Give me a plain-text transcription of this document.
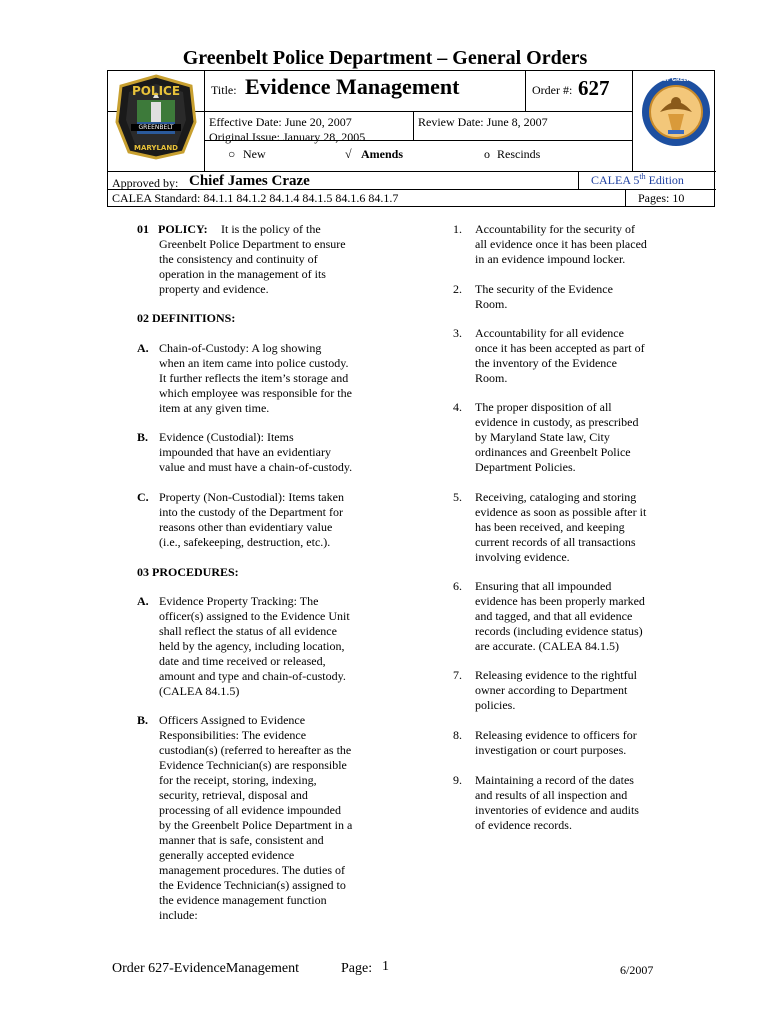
Greenbelt Police Department – General Orders
POLICE
GREENBELT
MARYLAND
CITY OF GREENBELT
Title: Evidence Management	Order #: 627
Effective Date: June 20, 2007
Original Issue: January 28, 2005
Review Date: June 8, 2007
○ New	√ Amends	o Rescinds
Approved by: Chief James Craze	CALEA 5th Edition
CALEA Standard: 84.1.1 84.1.2 84.1.4 84.1.5 84.1.6 84.1.7	Pages: 10
01 POLICY:	It is the policy of the

Greenbelt Police Department to ensure

the consistency and continuity of

operation in the management of its

property and evidence.

02 DEFINITIONS:
A. Chain-of-Custody: A log showing

when an item came into police custody.

It further reflects the item’s storage and

which employee was responsible for the

item at any given time.

B. Evidence (Custodial): Items

impounded that have an evidentiary

value and must have a chain-of-custody.

C. Property (Non-Custodial): Items taken

into the custody of the Department for

reasons other than evidentiary value

(i.e., safekeeping, destruction, etc.).

03 PROCEDURES:
A. Evidence Property Tracking: The

officer(s) assigned to the Evidence Unit

shall reflect the status of all evidence

held by the agency, including location,

date and time received or released,

amount and type and chain-of-custody.

(CALEA 84.1.5)

B. Officers Assigned to Evidence

Responsibilities: The evidence

custodian(s) (referred to hereafter as the

Evidence Technician(s) are responsible

for the receipt, storing, indexing,

security, retrieval, disposal and

processing of all evidence impounded

by the Greenbelt Police Department in a

manner that is safe, consistent and

generally accepted evidence

management procedures. The duties of

the Evidence Technician(s) assigned to

the evidence management function

include:

1. Accountability for the security of

all evidence once it has been placed

in an evidence impound locker.

2. The security of the Evidence

Room.

3. Accountability for all evidence

once it has been accepted as part of

the inventory of the Evidence

Room.

4. The proper disposition of all

evidence in custody, as prescribed

by Maryland State law, City

ordinances and Greenbelt Police

Department Policies.

5. Receiving, cataloging and storing

evidence as soon as possible after it

has been received, and keeping

current records of all transactions

involving evidence.

6. Ensuring that all impounded

evidence has been properly marked

and tagged, and that all evidence

records (including evidence status)

are accurate. (CALEA 84.1.5)

7. Releasing evidence to the rightful

owner according to Department

policies.

8. Releasing evidence to officers for

investigation or court purposes.

9. Maintaining a record of the dates

and results of all inspection and

inventories of evidence and audits

of evidence records.

Order 627-EvidenceManagement	Page: 1	6/2007
